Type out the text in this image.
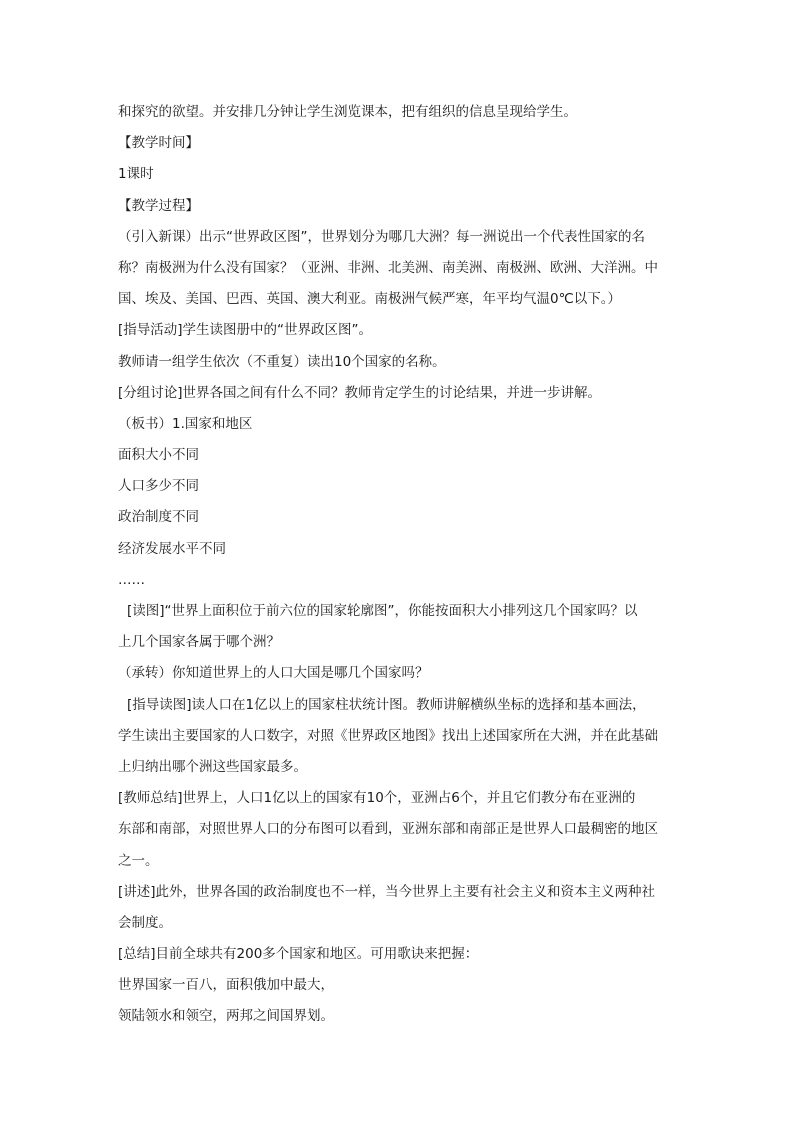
和探究的欲望。并安排几分钟让学生浏览课本，把有组织的信息呈现给学生。
【教学时间】
1课时
【教学过程】
（引入新课）出示“世界政区图”，世界划分为哪几大洲？每一洲说出一个代表性国家的名
称？南极洲为什么没有国家？（亚洲、非洲、北美洲、南美洲、南极洲、欧洲、大洋洲。中
国、埃及、美国、巴西、英国、澳大利亚。南极洲气候严寒，年平均气温0℃以下。）
[指导活动]学生读图册中的“世界政区图”。
教师请一组学生依次（不重复）读出10个国家的名称。
[分组讨论]世界各国之间有什么不同？教师肯定学生的讨论结果，并进一步讲解。
（板书）1.国家和地区
面积大小不同
人口多少不同
政治制度不同
经济发展水平不同
……
[读图]“世界上面积位于前六位的国家轮廓图”，你能按面积大小排列这几个国家吗？以
上几个国家各属于哪个洲？
（承转）你知道世界上的人口大国是哪几个国家吗？
[指导读图]读人口在1亿以上的国家柱状统计图。教师讲解横纵坐标的选择和基本画法，
学生读出主要国家的人口数字，对照《世界政区地图》找出上述国家所在大洲，并在此基础
上归纳出哪个洲这些国家最多。
[教师总结]世界上，人口1亿以上的国家有10个，亚洲占6个，并且它们教分布在亚洲的
东部和南部，对照世界人口的分布图可以看到，亚洲东部和南部正是世界人口最稠密的地区
之一。
[讲述]此外，世界各国的政治制度也不一样，当今世界上主要有社会主义和资本主义两种社
会制度。
[总结]目前全球共有200多个国家和地区。可用歌诀来把握：
世界国家一百八，面积俄加中最大，
领陆领水和领空，两邦之间国界划。
